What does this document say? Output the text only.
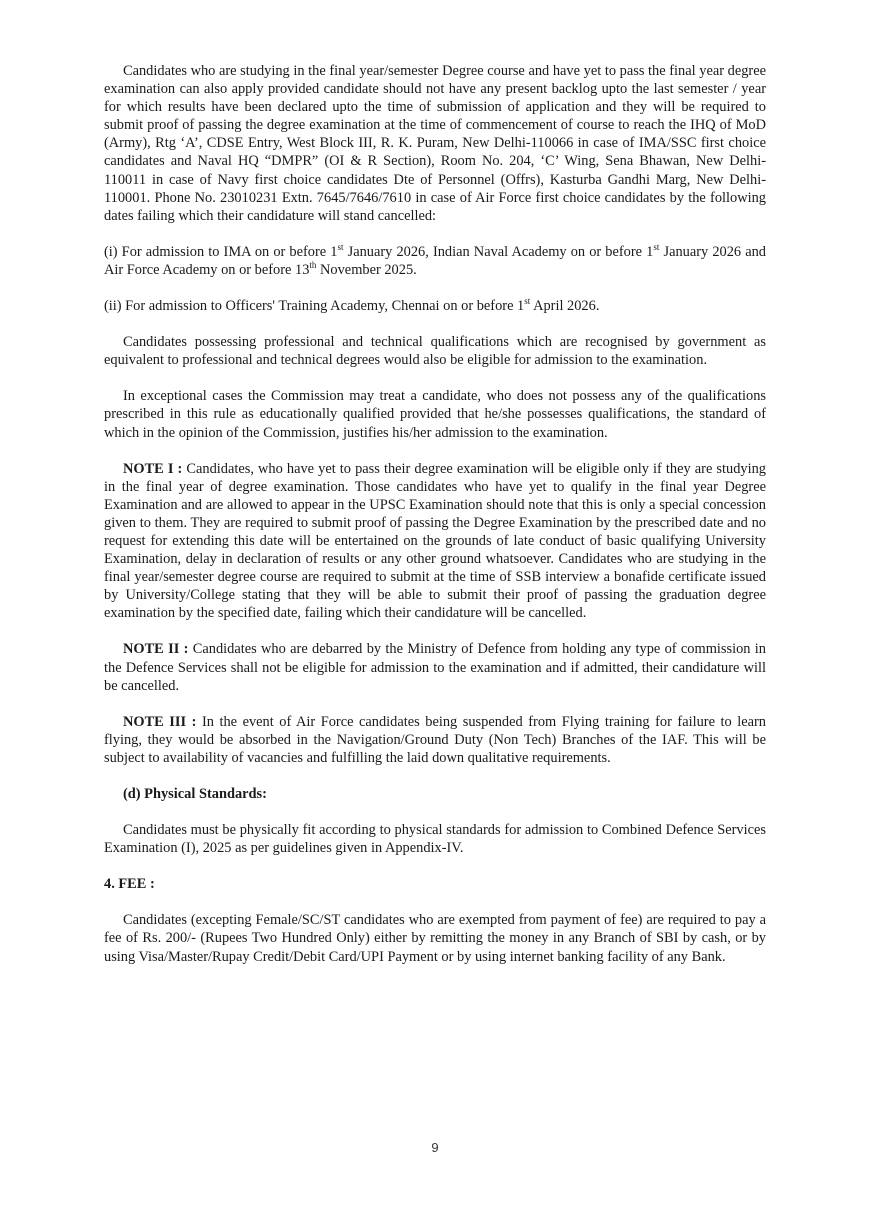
Candidates who are studying in the final year/semester Degree course and have yet to pass the final year degree examination can also apply provided candidate should not have any present backlog upto the last semester / year for which results have been declared upto the time of submission of application and they will be required to submit proof of passing the degree examination at the time of commencement of course to reach the IHQ of MoD (Army), Rtg ‘A’, CDSE Entry, West Block III, R. K. Puram, New Delhi-110066 in case of IMA/SSC first choice candidates and Naval HQ “DMPR” (OI & R Section), Room No. 204, ‘C’ Wing, Sena Bhawan, New Delhi-110011 in case of Navy first choice candidates Dte of Personnel (Offrs), Kasturba Gandhi Marg, New Delhi-110001. Phone No. 23010231 Extn. 7645/7646/7610 in case of Air Force first choice candidates by the following dates failing which their candidature will stand cancelled:

(i) For admission to IMA on or before 1st January 2026, Indian Naval Academy on or before 1st January 2026 and Air Force Academy on or before 13th November 2025.

(ii) For admission to Officers' Training Academy, Chennai on or before 1st April 2026.

Candidates possessing professional and technical qualifications which are recognised by government as equivalent to professional and technical degrees would also be eligible for admission to the examination.

In exceptional cases the Commission may treat a candidate, who does not possess any of the qualifications prescribed in this rule as educationally qualified provided that he/she possesses qualifications, the standard of which in the opinion of the Commission, justifies his/her admission to the examination.

NOTE I : Candidates, who have yet to pass their degree examination will be eligible only if they are studying in the final year of degree examination. Those candidates who have yet to qualify in the final year Degree Examination and are allowed to appear in the UPSC Examination should note that this is only a special concession given to them. They are required to submit proof of passing the Degree Examination by the prescribed date and no request for extending this date will be entertained on the grounds of late conduct of basic qualifying University Examination, delay in declaration of results or any other ground whatsoever. Candidates who are studying in the final year/semester degree course are required to submit at the time of SSB interview a bonafide certificate issued by University/College stating that they will be able to submit their proof of passing the graduation degree examination by the specified date, failing which their candidature will be cancelled.

NOTE II : Candidates who are debarred by the Ministry of Defence from holding any type of commission in the Defence Services shall not be eligible for admission to the examination and if admitted, their candidature will be cancelled.

NOTE III : In the event of Air Force candidates being suspended from Flying training for failure to learn flying, they would be absorbed in the Navigation/Ground Duty (Non Tech) Branches of the IAF. This will be subject to availability of vacancies and fulfilling the laid down qualitative requirements.

(d) Physical Standards:

Candidates must be physically fit according to physical standards for admission to Combined Defence Services Examination (I), 2025 as per guidelines given in Appendix-IV.

4. FEE :

Candidates (excepting Female/SC/ST candidates who are exempted from payment of fee) are required to pay a fee of Rs. 200/- (Rupees Two Hundred Only) either by remitting the money in any Branch of SBI by cash, or by using Visa/Master/Rupay Credit/Debit Card/UPI Payment or by using internet banking facility of any Bank.

9
